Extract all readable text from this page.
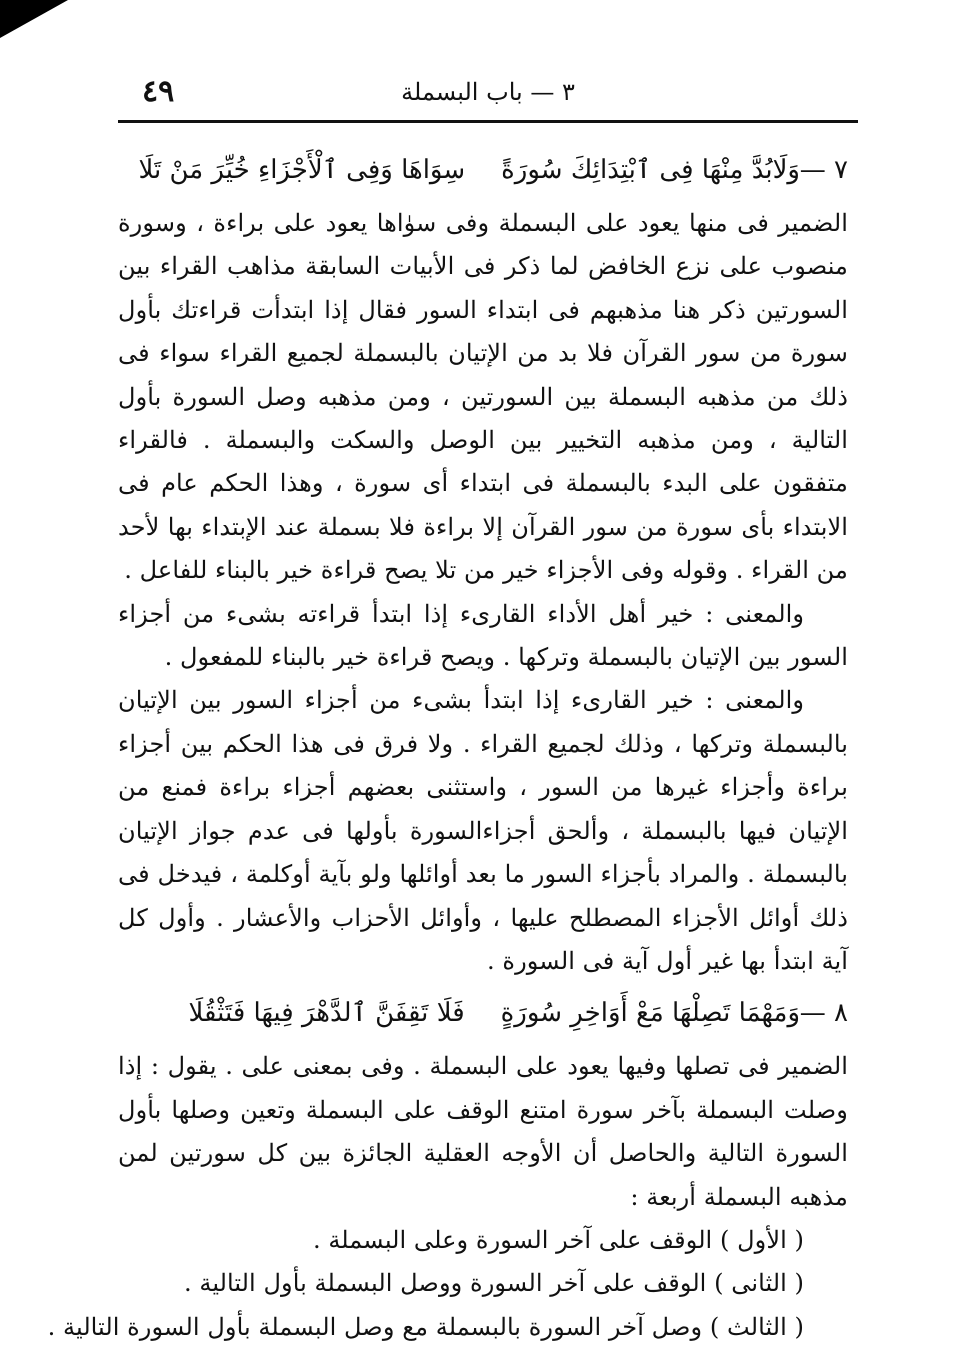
٣ — باب البسملة
٤٩
٧ —
وَلَابُدَّ مِنْهَا فِى ٱبْتِدَائِكَ سُورَةً
سِوَاهَا وَفِى ٱلْأَجْزَاءِ خُيِّرَ مَنْ تَلَا

الضمير فى منها يعود على البسملة وفى سوٰاها يعود على براءة ، وسورة منصوب على نزع الخافض لما ذكر فى الأبيات السابقة مذاهب القراء بين السورتين ذكر هنا مذهبهم فى ابتداء السور فقال إذا ابتدأت قراءتك بأول سورة من سور القرآن فلا بد من الإتيان بالبسملة لجميع القراء سواء فى ذلك من مذهبه البسملة بين السورتين ، ومن مذهبه وصل السورة بأول التالية ، ومن مذهبه التخيير بين الوصل والسكت والبسملة . فالقراء متفقون على البدء بالبسملة فى ابتداء أى سورة ، وهذا الحكم عام فى الابتداء بأى سورة من سور القرآن إلا براءة فلا بسملة عند الإبتداء بها لأحد من القراء . وقوله وفى الأجزاء خير من تلا يصح قراءة خير بالبناء للفاعل .

والمعنى : خير أهل الأداء القارىء إذا ابتدأ قراءته بشىء من أجزاء السور بين الإتيان بالبسملة وتركها . ويصح قراءة خير بالبناء للمفعول .

والمعنى : خير القارىء إذا ابتدأ بشىء من أجزاء السور بين الإتيان بالبسملة وتركها ، وذلك لجميع القراء . ولا فرق فى هذا الحكم بين أجزاء براءة وأجزاء غيرها من السور ، واستثنى بعضهم أجزاء براءة فمنع من الإتيان فيها بالبسملة ، وألحق أجزاءالسورة بأولها فى عدم جواز الإتيان بالبسملة . والمراد بأجزاء السور ما بعد أوائلها ولو بآية أوكلمة ، فيدخل فى ذلك أوائل الأجزاء المصطلح عليها ، وأوائل الأحزاب والأعشار . وأول كل آية ابتدأ بها غير أول آية فى السورة .

٨ —
وَمَهْمَا تَصِلْهَا مَعْ أَوَاخِرِ سُورَةٍ
فَلَا تَقِفَنَّ ٱلدَّهْرَ فِيهَا فَتَثْقُلَا

الضمير فى تصلها وفيها يعود على البسملة . وفى بمعنى على . يقول : إذا وصلت البسملة بآخر سورة امتنع الوقف على البسملة وتعين وصلها بأول السورة التالية والحاصل أن الأوجه العقلية الجائزة بين كل سورتين لمن مذهبه البسملة أربعة :

( الأول ) الوقف على آخر السورة وعلى البسملة .

( الثانى ) الوقف على آخر السورة ووصل البسملة بأول التالية .

( الثالث ) وصل آخر السورة بالبسملة مع وصل البسملة بأول السورة التالية .
